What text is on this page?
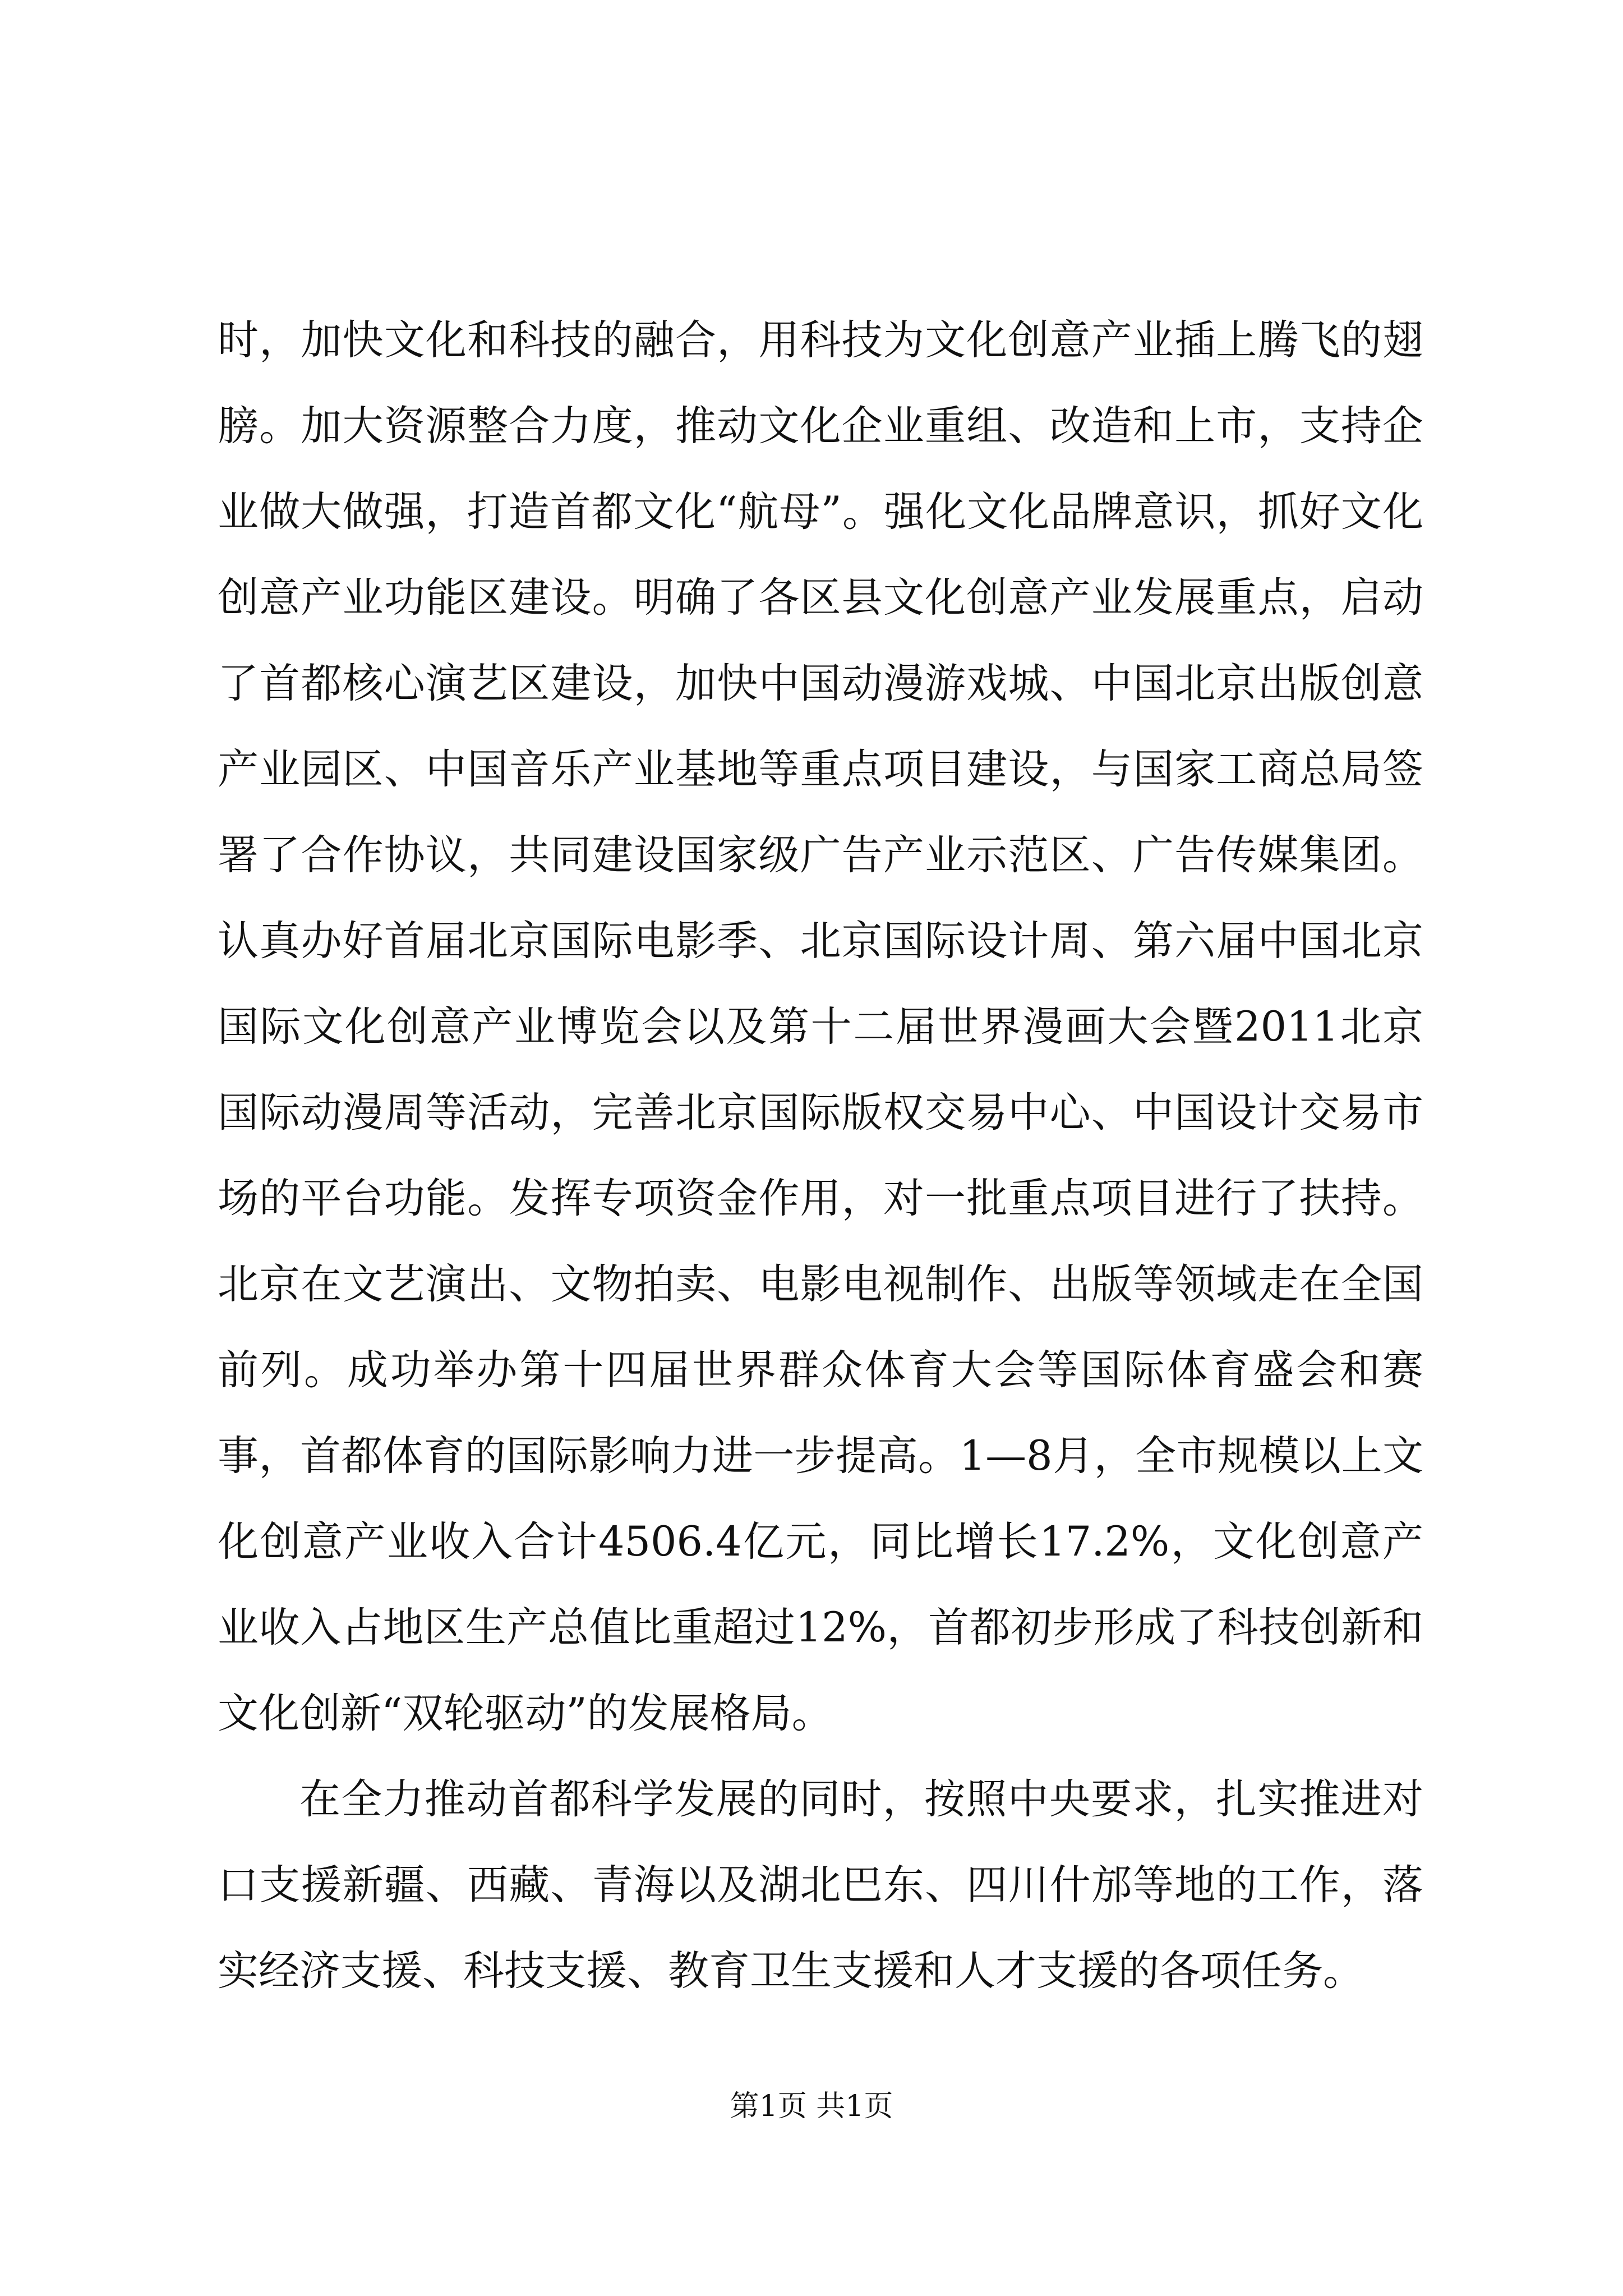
时，加快文化和科技的融合，用科技为文化创意产业插上腾飞的翅膀。加大资源整合力度，推动文化企业重组、改造和上市，支持企业做大做强，打造首都文化“航母”。强化文化品牌意识，抓好文化创意产业功能区建设。明确了各区县文化创意产业发展重点，启动了首都核心演艺区建设，加快中国动漫游戏城、中国北京出版创意产业园区、中国音乐产业基地等重点项目建设，与国家工商总局签署了合作协议，共同建设国家级广告产业示范区、广告传媒集团。认真办好首届北京国际电影季、北京国际设计周、第六届中国北京国际文化创意产业博览会以及第十二届世界漫画大会暨2011北京国际动漫周等活动，完善北京国际版权交易中心、中国设计交易市场的平台功能。发挥专项资金作用，对一批重点项目进行了扶持。北京在文艺演出、文物拍卖、电影电视制作、出版等领域走在全国前列。成功举办第十四届世界群众体育大会等国际体育盛会和赛事，首都体育的国际影响力进一步提高。1—8月，全市规模以上文化创意产业收入合计4506.4亿元，同比增长17.2%，文化创意产业收入占地区生产总值比重超过12%，首都初步形成了科技创新和文化创新“双轮驱动”的发展格局。

在全力推动首都科学发展的同时，按照中央要求，扎实推进对口支援新疆、西藏、青海以及湖北巴东、四川什邡等地的工作，落实经济支援、科技支援、教育卫生支援和人才支援的各项任务。

第1页 共1页
